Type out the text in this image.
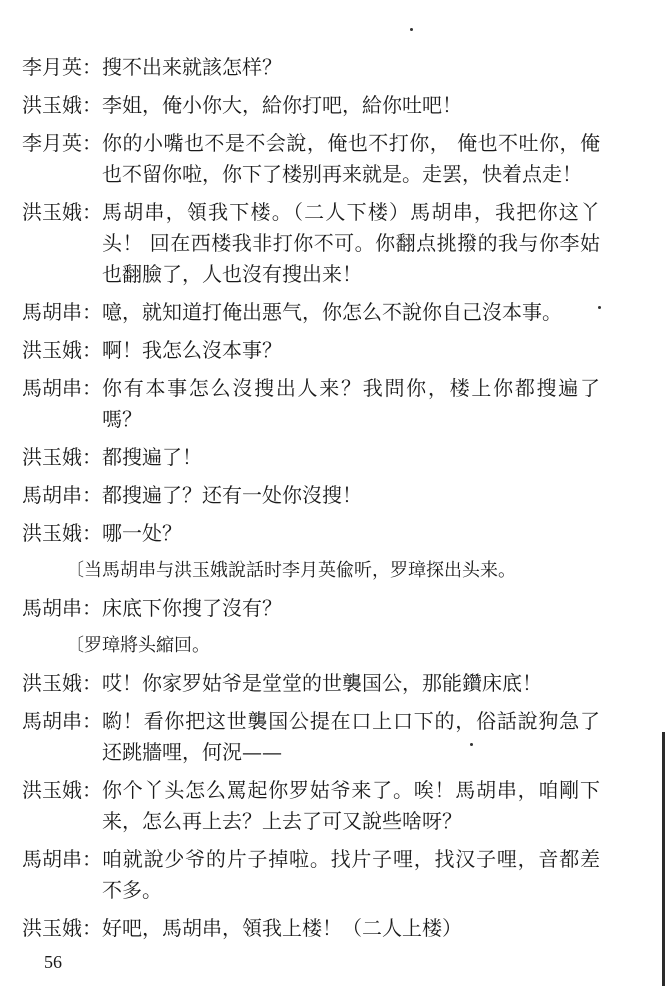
李月英 ： 搜不出来就該怎样？
洪玉娥 ： 李姐，俺小你大，給你打吧，給你吐吧！
李月英 ： 你的小嘴也不是不会說，俺也不打你， 俺也不吐你，俺也不留你啦，你下了楼别再来就是。走罢，快着点走！
洪玉娥 ： 馬胡串，領我下楼。（二人下楼）馬胡串，我把你这丫头！ 回在西楼我非打你不可。你翻点挑撥的我与你李姑也翻臉了，人也沒有搜出来！
馬胡串 ： 噫，就知道打俺出悪气，你怎么不說你自己沒本事。
洪玉娥 ： 啊！我怎么沒本事？
馬胡串 ： 你有本事怎么沒搜出人来？我問你，楼上你都搜遍了嗎？
洪玉娥 ： 都搜遍了！
馬胡串 ： 都搜遍了？还有一处你沒搜！
洪玉娥 ： 哪一处？
〔当馬胡串与洪玉娥說話时李月英偸听，罗璋探出头来。
馬胡串 ： 床底下你搜了沒有？
〔罗璋將头縮回。
洪玉娥 ： 哎！你家罗姑爷是堂堂的世襲国公，那能鑽床底！
馬胡串 ： 喲！看你把这世襲国公提在口上口下的，俗話說狗急了还跳牆哩，何況——
洪玉娥 ： 你个丫头怎么罵起你罗姑爷来了。唉！馬胡串，咱剛下来，怎么再上去？上去了可又說些啥呀？
馬胡串 ： 咱就說少爷的片子掉啦。找片子哩，找汉子哩，音都差不多。
洪玉娥 ： 好吧，馬胡串，領我上楼！（二人上楼）
56
